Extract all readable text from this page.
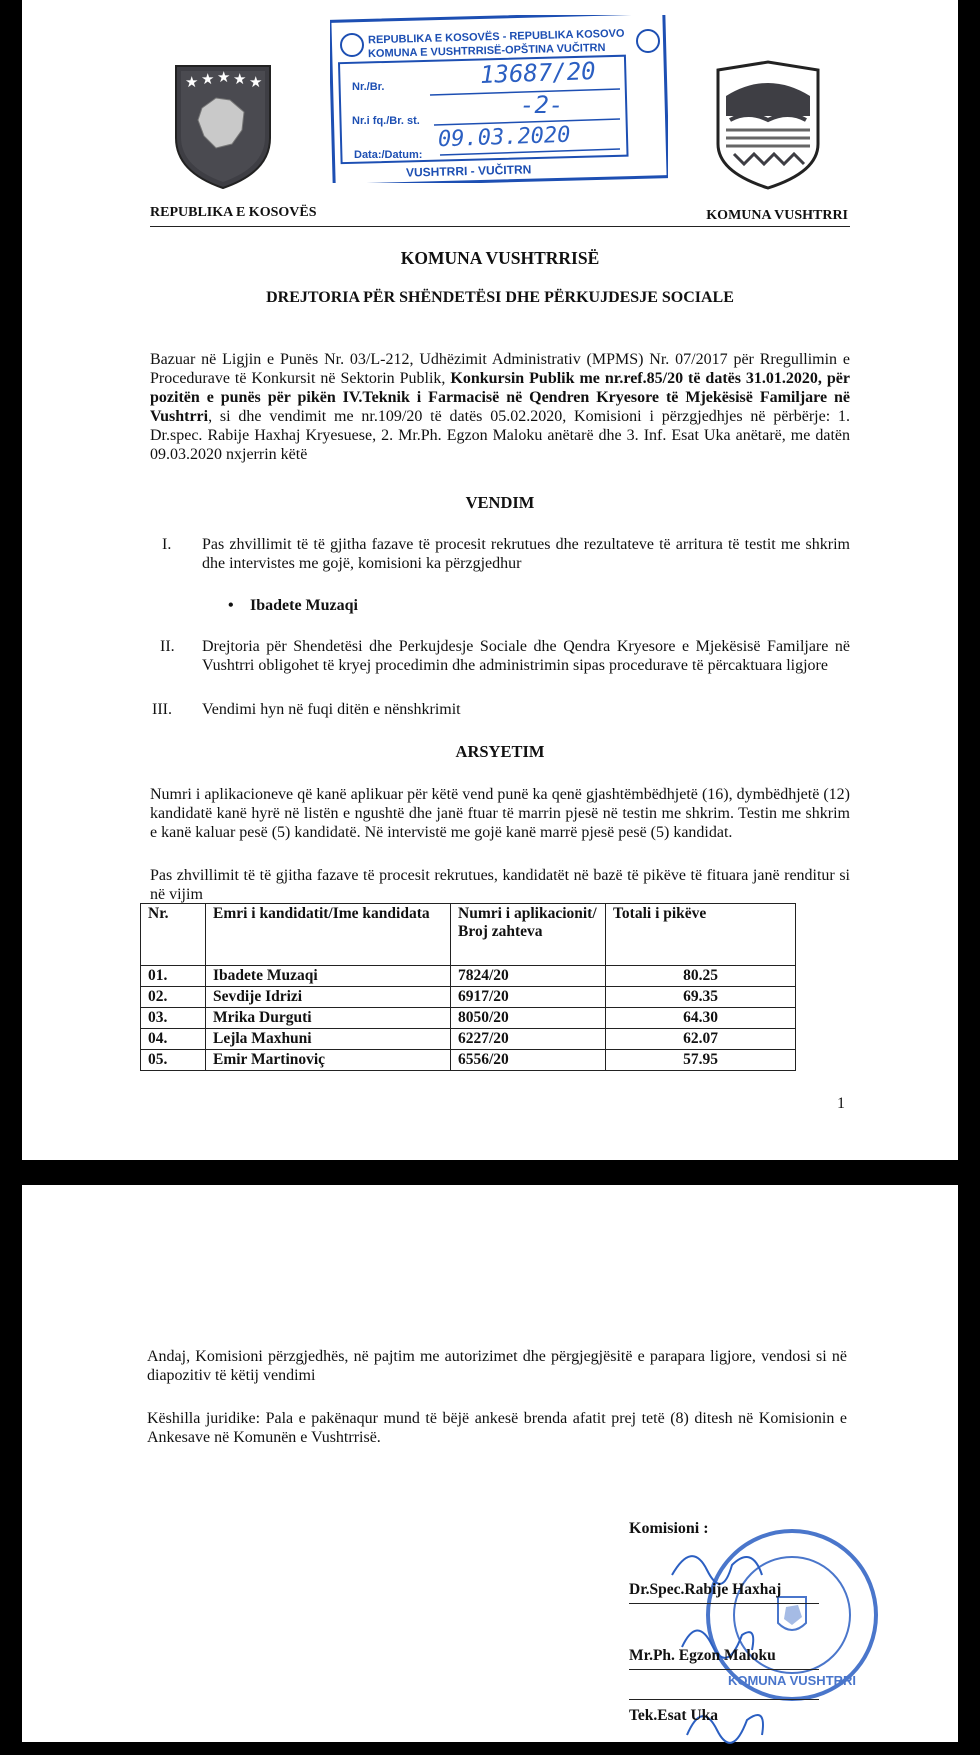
★ ★ ★ ★ ★
REPUBLIKA E KOSOVËS - REPUBLIKA KOSOVO
KOMUNA E VUSHTRRISË-OPŠTINA VUČITRN
Nr./Br.	13687/20
Nr.i fq./Br. st.
-2-
Data:/Datum:
09.03.2020
VUSHTRRI - VUČITRN
REPUBLIKA E KOSOVËS	KOMUNA VUSHTRRI
KOMUNA VUSHTRRISË
DREJTORIA PËR SHËNDETËSI DHE PËRKUJDESJE SOCIALE

Bazuar në Ligjin e Punës Nr. 03/L-212, Udhëzimit Administrativ (MPMS) Nr. 07/2017 për Rregullimin e Procedurave të Konkursit në Sektorin Publik, Konkursin Publik me nr.ref.85/20 të datës 31.01.2020, për pozitën e punës për pikën IV.Teknik i Farmacisë në Qendren Kryesore të Mjekësisë Familjare në Vushtrri, si dhe vendimit me nr.109/20 të datës 05.02.2020, Komisioni i përzgjedhjes në përbërje: 1. Dr.spec. Rabije Haxhaj Kryesuese, 2. Mr.Ph. Egzon Maloku anëtarë dhe 3. Inf. Esat Uka anëtarë, me datën 09.03.2020 nxjerrin këtë

VENDIM
I. Pas zhvillimit të të gjitha fazave të procesit rekrutues dhe rezultateve të arritura të testit me shkrim dhe intervistes me gojë, komisioni ka përzgjedhur

• Ibadete Muzaqi
II. Drejtoria për Shendetësi dhe Perkujdesje Sociale dhe Qendra Kryesore e Mjekësisë Familjare në Vushtrri obligohet të kryej procedimin dhe administrimin sipas procedurave të përcaktuara ligjore

III. Vendimi hyn në fuqi ditën e nënshkrimit

ARSYETIM

Numri i aplikacioneve që kanë aplikuar për këtë vend punë ka qenë gjashtëmbëdhjetë (16), dymbëdhjetë (12) kandidatë kanë hyrë në listën e ngushtë dhe janë ftuar të marrin pjesë në testin me shkrim. Testin me shkrim e kanë kaluar pesë (5) kandidatë. Në intervistë me gojë kanë marrë pjesë pesë (5) kandidat.

Pas zhvillimit të të gjitha fazave të procesit rekrutues, kandidatët në bazë të pikëve të fituara janë renditur si në vijim

Nr.	Emri i kandidatit/Ime kandidata	Numri i aplikacionit/ Broj zahteva	Totali i pikëve
01.	Ibadete Muzaqi	7824/20	80.25
02.	Sevdije Idrizi	6917/20	69.35
03.	Mrika Durguti	8050/20	64.30
04.	Lejla Maxhuni	6227/20	62.07
05.	Emir Martinoviç	6556/20	57.95
1

Andaj, Komisioni përzgjedhës, në pajtim me autorizimet dhe përgjegjësitë e parapara ligjore, vendosi si në diapozitiv të këtij vendimi

Këshilla juridike: Pala e pakënaqur mund të bëjë ankesë brenda afatit prej tetë (8) ditesh në Komisionin e Ankesave në Komunën e Vushtrrisë.

Komisioni :
KOMUNA VUSHTRRI
Dr.Spec.Rabije Haxhaj
Mr.Ph. Egzon Maloku
Tek.Esat Uka
